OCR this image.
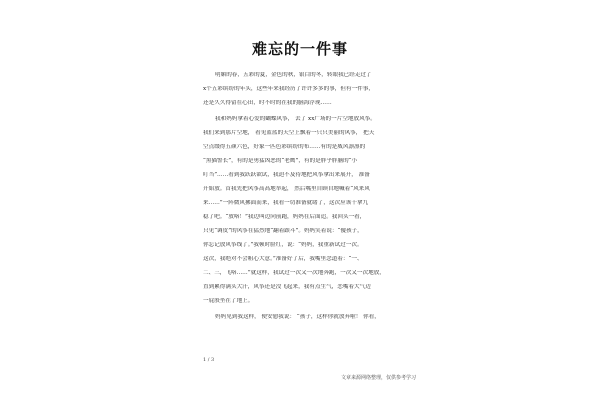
难忘的一件事
明媚的春，五彩的夏，金色的秋，银白的冬，转眼我已经走过了
x个五彩缤纷的年头，这些年来我经历了许许多多的事，但有一件事，
还是久久得留在心田，时不时的在我的脑海浮现……
我和妈妈拿着心爱的蝴蝶风筝， 去了 xx广场的一片空地放风筝。
我们来到那片空地， 看见蓝蓝的天空上飘着一只只美丽的风筝， 把天
空点缀得五颜六色，好象一匹色彩缤纷的布……有的是威风凛凛的
“黑猫警长”，有的是勇猛凶恶的“老鹰”，有的是胖乎胖脑的“小
叮当”……看到我跃跃欲试，我迫不及待地把风筝拿出来展开， 准备
开始放。首我先把风筝高高地举起， 然后嘴里自顾自地喊着“风来风
来……”一阵微风拂面而来，我看一切准备就绪了，这次应该十拿九
稳了吧。“放咯！”我边叫边向前跑，妈妈在后面追。我回头一看，
只见“调皮”的风筝在猛烈地“翻着跟斗”。妈妈笑着说：“傻孩子，
你忘记放风筝线了。”我顿时脸红，说：“妈妈，我重新试过一次。
这次，我绝对不会粗心大意。”准备好了后，我嘴里念道着：“一、
二、三，飞咯……”就这样，我试过一次又一次地奔跑，一次又一次地放，
直到累得满头大汗，风筝还是没飞起来，我有点生气，恋嘴着大气边
一屁股坐在了地上。
妈妈见到我这样， 便安慰我说： “孩子，这样你就放弃啦！ 你看，
1 / 3
文章来源网络整理，仅供参考学习
